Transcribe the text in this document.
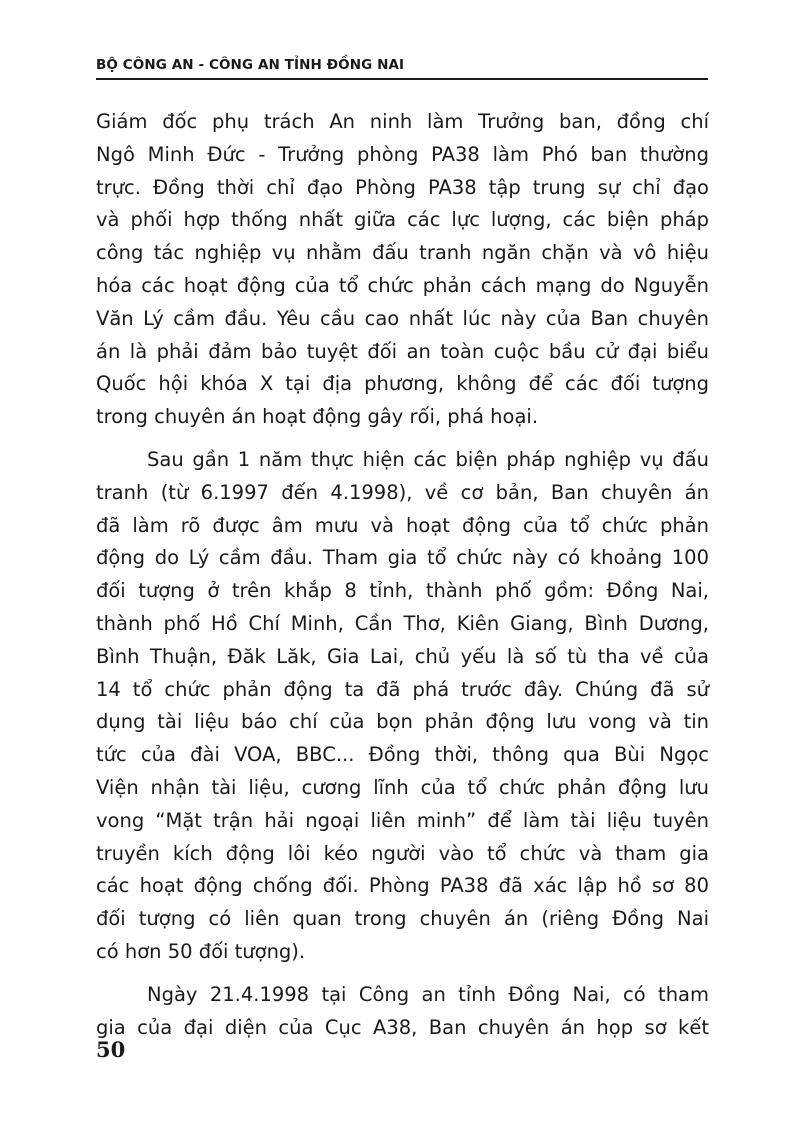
BỘ CÔNG AN - CÔNG AN TỈNH ĐỒNG NAI
Giám đốc phụ trách An ninh làm Trưởng ban, đồng chí
Ngô Minh Đức - Trưởng phòng PA38 làm Phó ban thường
trực. Đồng thời chỉ đạo Phòng PA38 tập trung sự chỉ đạo
và phối hợp thống nhất giữa các lực lượng, các biện pháp
công tác nghiệp vụ nhằm đấu tranh ngăn chặn và vô hiệu
hóa các hoạt động của tổ chức phản cách mạng do Nguyễn
Văn Lý cầm đầu. Yêu cầu cao nhất lúc này của Ban chuyên
án là phải đảm bảo tuyệt đối an toàn cuộc bầu cử đại biểu
Quốc hội khóa X tại địa phương, không để các đối tượng
trong chuyên án hoạt động gây rối, phá hoại.
Sau gần 1 năm thực hiện các biện pháp nghiệp vụ đấu
tranh (từ 6.1997 đến 4.1998), về cơ bản, Ban chuyên án
đã làm rõ được âm mưu và hoạt động của tổ chức phản
động do Lý cầm đầu. Tham gia tổ chức này có khoảng 100
đối tượng ở trên khắp 8 tỉnh, thành phố gồm: Đồng Nai,
thành phố Hồ Chí Minh, Cần Thơ, Kiên Giang, Bình Dương,
Bình Thuận, Đăk Lăk, Gia Lai, chủ yếu là số tù tha về của
14 tổ chức phản động ta đã phá trước đây. Chúng đã sử
dụng tài liệu báo chí của bọn phản động lưu vong và tin
tức của đài VOA, BBC... Đồng thời, thông qua Bùi Ngọc
Viện nhận tài liệu, cương lĩnh của tổ chức phản động lưu
vong “Mặt trận hải ngoại liên minh” để làm tài liệu tuyên
truyền kích động lôi kéo người vào tổ chức và tham gia
các hoạt động chống đối. Phòng PA38 đã xác lập hồ sơ 80
đối tượng có liên quan trong chuyên án (riêng Đồng Nai
có hơn 50 đối tượng).
Ngày 21.4.1998 tại Công an tỉnh Đồng Nai, có tham
gia của đại diện của Cục A38, Ban chuyên án họp sơ kết
50
